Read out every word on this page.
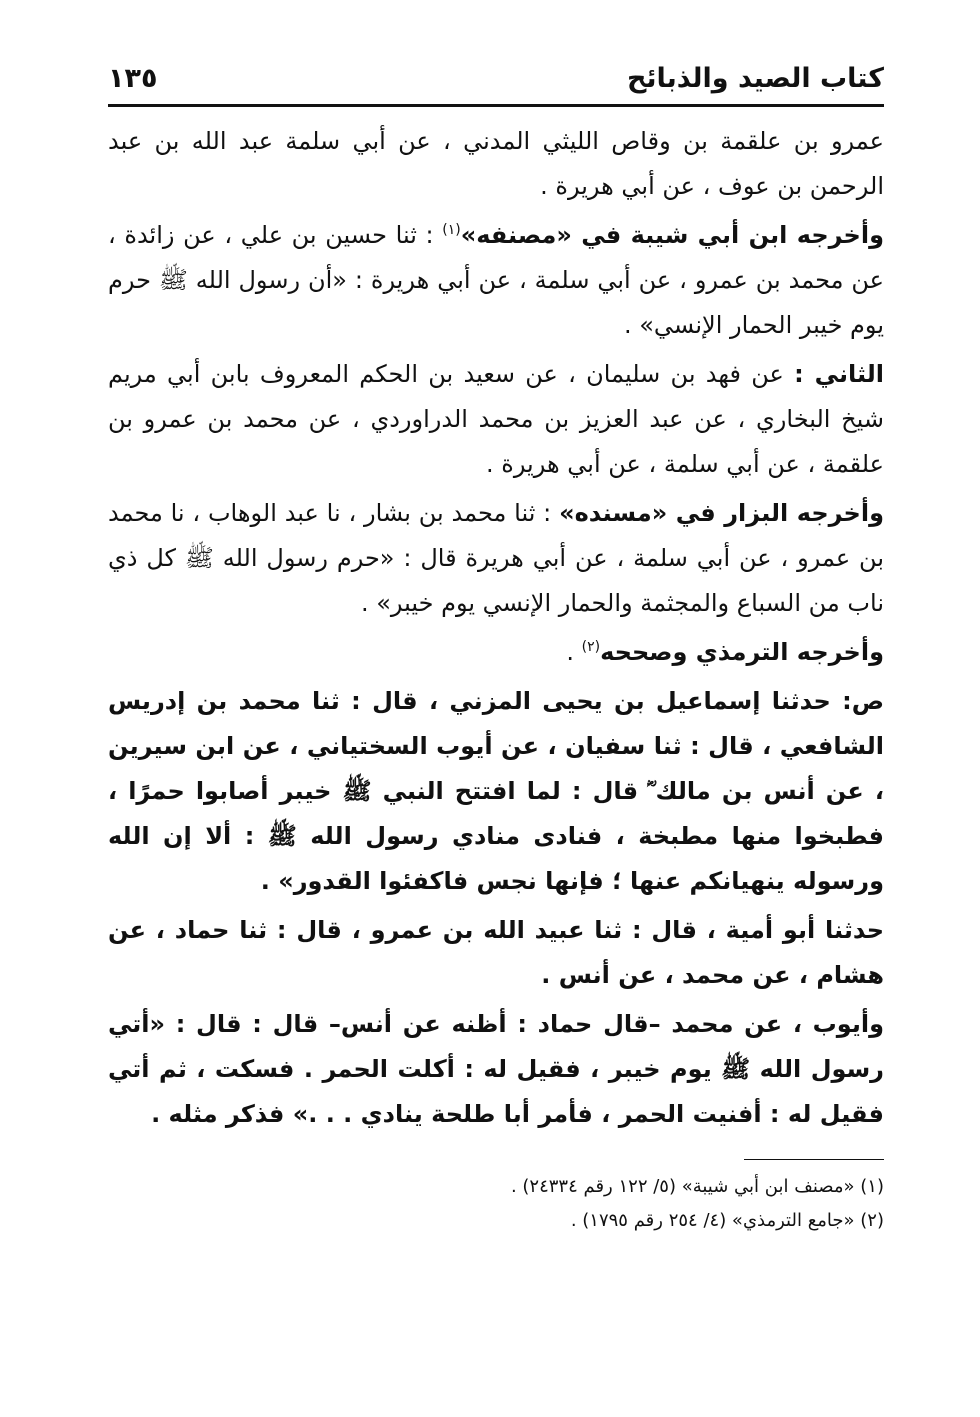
كتاب الصيد والذبائح
١٣٥

عمرو بن علقمة بن وقاص الليثي المدني ، عن أبي سلمة عبد الله بن عبد الرحمن بن عوف ، عن أبي هريرة .

وأخرجه ابن أبي شيبة في «مصنفه»$^{(١)}$ : ثنا حسين بن علي ، عن زائدة ، عن محمد بن عمرو ، عن أبي سلمة ، عن أبي هريرة : «أن رسول الله ﷺ حرم يوم خيبر الحمار الإنسي» .

الثاني : عن فهد بن سليمان ، عن سعيد بن الحكم المعروف بابن أبي مريم شيخ البخاري ، عن عبد العزيز بن محمد الدراوردي ، عن محمد بن عمرو بن علقمة ، عن أبي سلمة ، عن أبي هريرة .

وأخرجه البزار في «مسنده» : ثنا محمد بن بشار ، نا عبد الوهاب ، نا محمد بن عمرو ، عن أبي سلمة ، عن أبي هريرة قال : «حرم رسول الله ﷺ كل ذي ناب من السباع والمجثمة والحمار الإنسي يوم خيبر» .

وأخرجه الترمذي وصححه$^{(٢)}$ .

ص: حدثنا إسماعيل بن يحيى المزني ، قال : ثنا محمد بن إدريس الشافعي ، قال : ثنا سفيان ، عن أيوب السختياني ، عن ابن سيرين ، عن أنس بن مالك ؓ قال : لما افتتح النبي ﷺ خيبر أصابوا حمرًا ، فطبخوا منها مطبخة ، فنادى منادي رسول الله ﷺ : ألا إن الله ورسوله ينهيانكم عنها ؛ فإنها نجس فاكفئوا القدور» .

حدثنا أبو أمية ، قال : ثنا عبيد الله بن عمرو ، قال : ثنا حماد ، عن هشام ، عن محمد ، عن أنس .

وأيوب ، عن محمد –قال حماد : أظنه عن أنس– قال : قال : «أتي رسول الله ﷺ يوم خيبر ، فقيل له : أكلت الحمر . فسكت ، ثم أتي فقيل له : أفنيت الحمر ، فأمر أبا طلحة ينادي . . .» فذكر مثله .

(١) «مصنف ابن أبي شيبة» (٥/ ١٢٢ رقم ٢٤٣٣٤) .

(٢) «جامع الترمذي» (٤/ ٢٥٤ رقم ١٧٩٥) .
